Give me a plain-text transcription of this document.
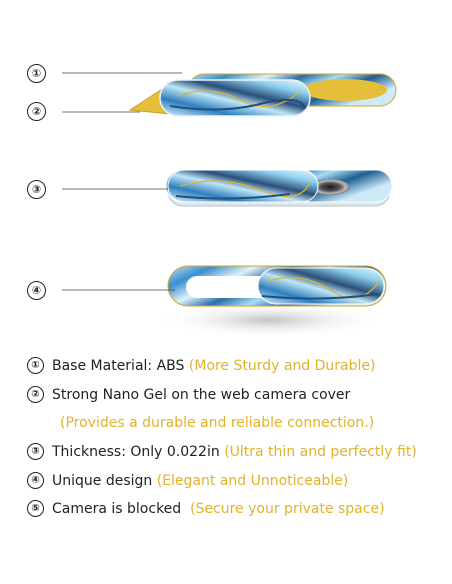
①
②
③
④
① Base Material: ABS (More Sturdy and Durable)
② Strong Nano Gel on the web camera cover
(Provides a durable and reliable connection.)
③ Thickness: Only 0.022in (Ultra thin and perfectly fit)
④ Unique design (Elegant and Unnoticeable)
⑤ Camera is blocked (Secure your private space)
